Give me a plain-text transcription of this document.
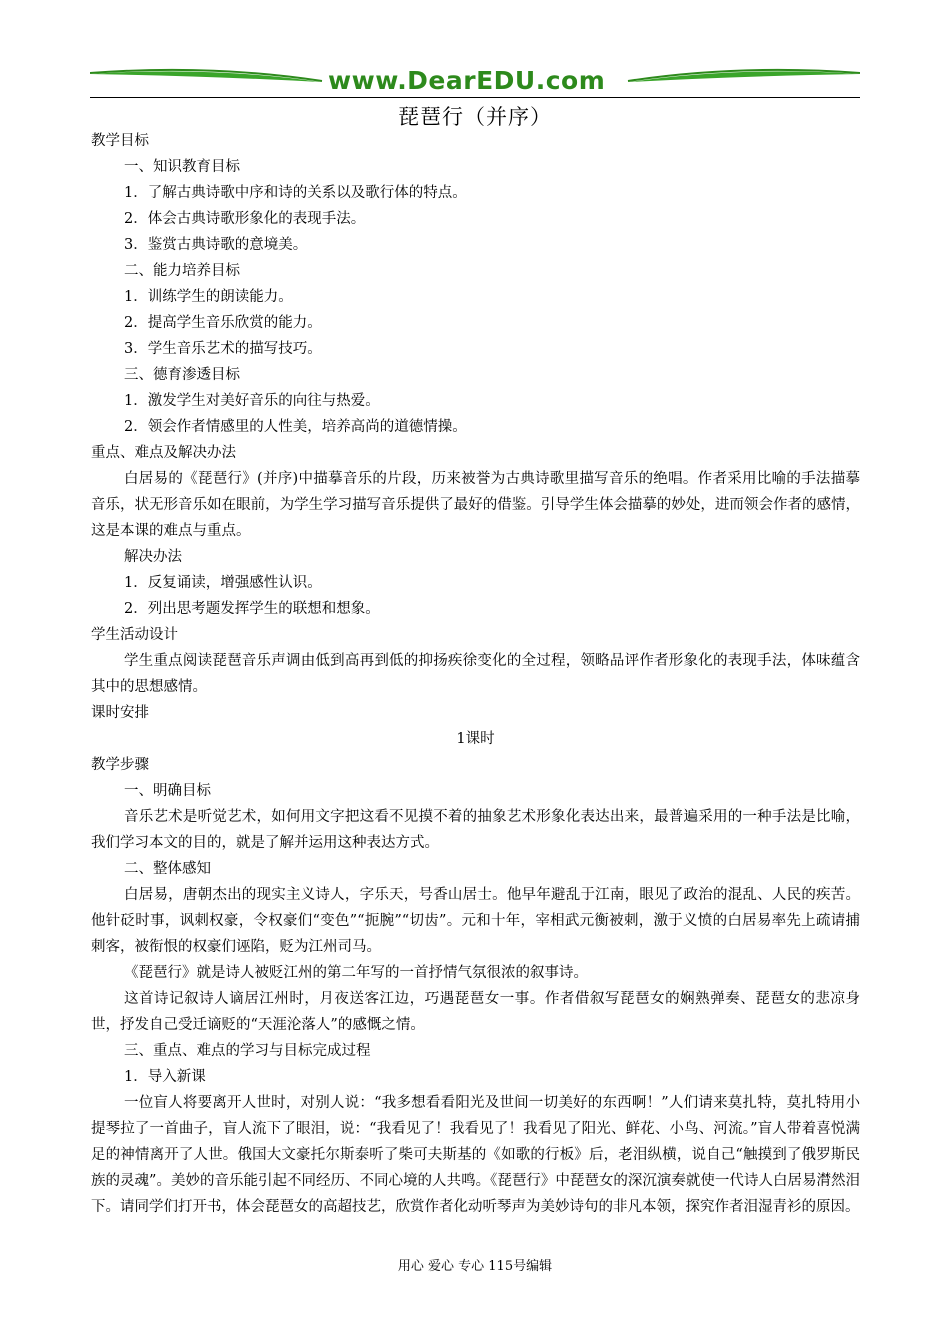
www.DearEDU.com
琵琶行（并序）

教学目标

一、知识教育目标

1．了解古典诗歌中序和诗的关系以及歌行体的特点。

2．体会古典诗歌形象化的表现手法。

3．鉴赏古典诗歌的意境美。

二、能力培养目标

1．训练学生的朗读能力。

2．提高学生音乐欣赏的能力。

3．学生音乐艺术的描写技巧。

三、德育渗透目标

1．激发学生对美好音乐的向往与热爱。

2．领会作者情感里的人性美，培养高尚的道德情操。

重点、难点及解决办法

白居易的《琵琶行》(并序)中描摹音乐的片段，历来被誉为古典诗歌里描写音乐的绝唱。作者采用比喻的手法描摹音乐，状无形音乐如在眼前，为学生学习描写音乐提供了最好的借鉴。引导学生体会描摹的妙处，进而领会作者的感情，这是本课的难点与重点。

解决办法

1．反复诵读，增强感性认识。

2．列出思考题发挥学生的联想和想象。

学生活动设计

学生重点阅读琵琶音乐声调由低到高再到低的抑扬疾徐变化的全过程，领略品评作者形象化的表现手法，体味蕴含其中的思想感情。

课时安排

1课时

教学步骤

一、明确目标

音乐艺术是听觉艺术，如何用文字把这看不见摸不着的抽象艺术形象化表达出来，最普遍采用的一种手法是比喻，我们学习本文的目的，就是了解并运用这种表达方式。

二、整体感知

白居易，唐朝杰出的现实主义诗人，字乐天，号香山居士。他早年避乱于江南，眼见了政治的混乱、人民的疾苦。他针砭时事，讽刺权豪，令权豪们“变色”“扼腕”“切齿”。元和十年，宰相武元衡被刺，激于义愤的白居易率先上疏请捕刺客，被衔恨的权豪们诬陷，贬为江州司马。

《琵琶行》就是诗人被贬江州的第二年写的一首抒情气氛很浓的叙事诗。

这首诗记叙诗人谪居江州时，月夜送客江边，巧遇琵琶女一事。作者借叙写琵琶女的娴熟弹奏、琵琶女的悲凉身世，抒发自己受迁谪贬的“天涯沦落人”的感慨之情。

三、重点、难点的学习与目标完成过程

1．导入新课

一位盲人将要离开人世时，对别人说：“我多想看看阳光及世间一切美好的东西啊！”人们请来莫扎特，莫扎特用小提琴拉了一首曲子，盲人流下了眼泪，说：“我看见了！我看见了！我看见了阳光、鲜花、小鸟、河流。”盲人带着喜悦满足的神情离开了人世。俄国大文豪托尔斯泰听了柴可夫斯基的《如歌的行板》后，老泪纵横，说自己“触摸到了俄罗斯民族的灵魂”。美妙的音乐能引起不同经历、不同心境的人共鸣。《琵琶行》中琵琶女的深沉演奏就使一代诗人白居易潸然泪下。请同学们打开书，体会琵琶女的高超技艺，欣赏作者化动听琴声为美妙诗句的非凡本领，探究作者泪湿青衫的原因。

用心 爱心 专心 115号编辑
